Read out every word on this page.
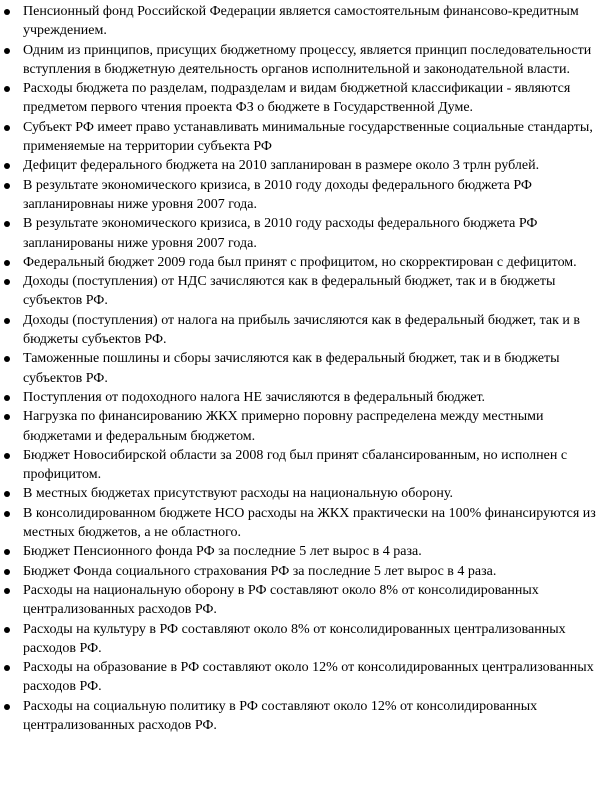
Пенсионный фонд Российской Федерации является самостоятельным финансово-кредитным учреждением.
Одним из принципов, присущих бюджетному процессу, является принцип последовательности вступления в бюджетную деятельность органов исполнительной и законодательной власти.
Расходы бюджета по разделам, подразделам и видам бюджетной классификации - являются предметом первого чтения проекта ФЗ о бюджете в Государственной Думе.
Субъект РФ имеет право устанавливать минимальные государственные социальные стандарты, применяемые на территории субъекта РФ
Дефицит федерального бюджета на 2010 запланирован в размере около 3 трлн рублей.
В результате экономического кризиса, в 2010 году доходы федерального бюджета РФ запланировнаы ниже уровня 2007 года.
В результате экономического кризиса, в 2010 году расходы федерального бюджета РФ запланированы ниже уровня 2007 года.
Федеральный бюджет 2009 года был принят с профицитом, но скорректирован с дефицитом.
Доходы (поступления) от НДС зачисляются как в федеральный бюджет, так и в бюджеты субъектов РФ.
Доходы (поступления) от налога на прибыль зачисляются как в федеральный бюджет, так и в бюджеты субъектов РФ.
Таможенные пошлины и сборы зачисляются как в федеральный бюджет, так и в бюджеты субъектов РФ.
Поступления от подоходного налога НЕ зачисляются в федеральный бюджет.
Нагрузка по финансированию ЖКХ примерно поровну распределена между местными бюджетами и федеральным бюджетом.
Бюджет Новосибирской области за 2008 год был принят сбалансированным, но исполнен с профицитом.
В местных бюджетах присутствуют расходы на национальную оборону.
В консолидированном бюджете НСО расходы на ЖКХ практически на 100% финансируются из местных бюджетов, а не областного.
Бюджет Пенсионного фонда РФ за последние 5 лет вырос в 4 раза.
Бюджет Фонда социального страхования РФ за последние 5 лет вырос в 4 раза.
Расходы на национальную оборону в РФ составляют около 8% от консолидированных централизованных расходов РФ.
Расходы на культуру в РФ составляют около 8% от консолидированных централизованных расходов РФ.
Расходы на образование в РФ составляют около 12% от консолидированных централизованных расходов РФ.
Расходы на социальную политику в РФ составляют около 12% от консолидированных централизованных расходов РФ.
